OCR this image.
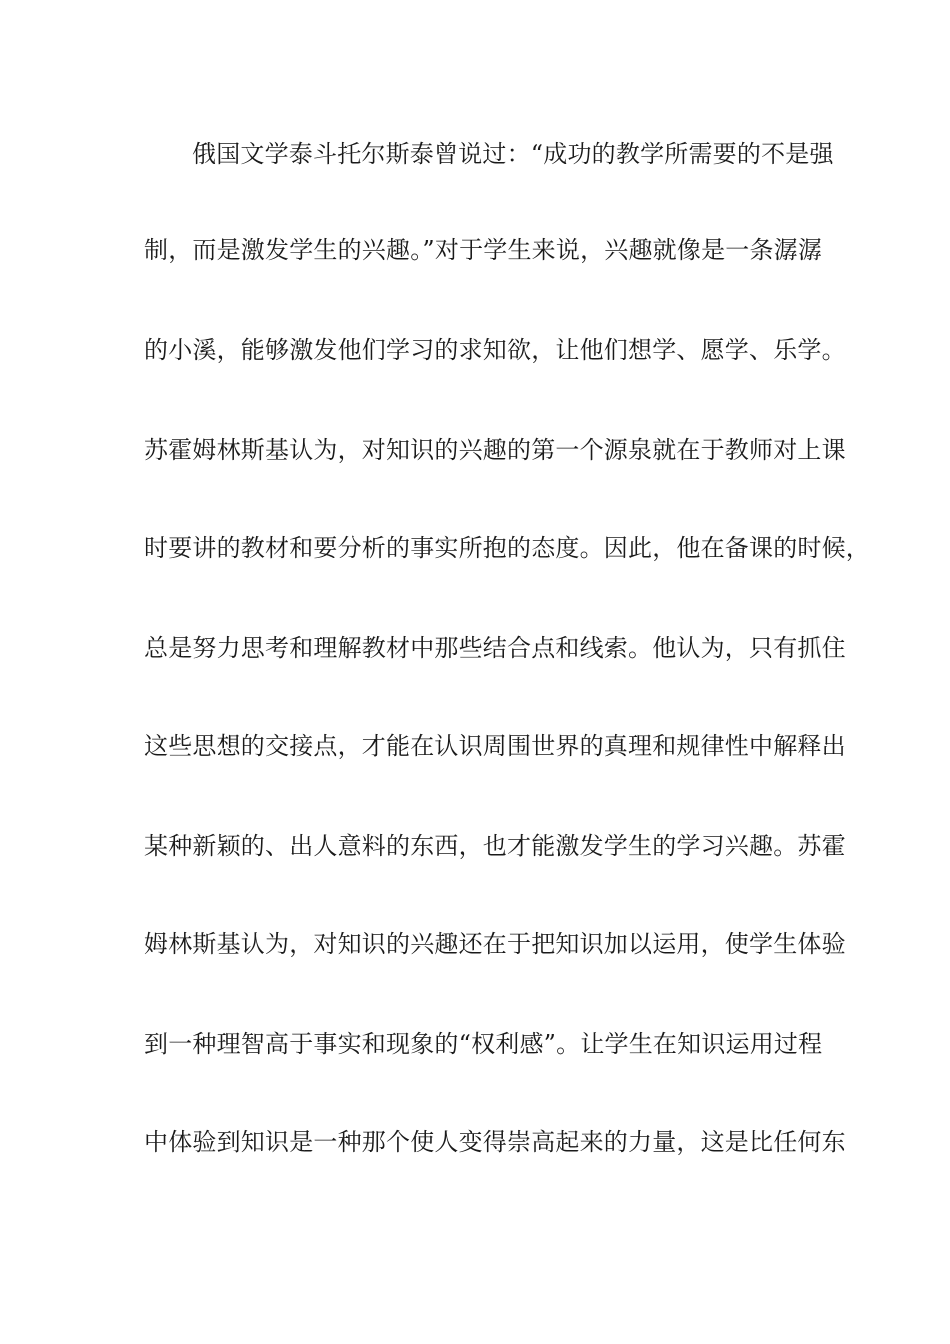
俄国文学泰斗托尔斯泰曾说过：“成功的教学所需要的不是强
制，而是激发学生的兴趣。”对于学生来说，兴趣就像是一条潺潺
的小溪，能够激发他们学习的求知欲，让他们想学、愿学、乐学。
苏霍姆林斯基认为，对知识的兴趣的第一个源泉就在于教师对上课
时要讲的教材和要分析的事实所抱的态度。因此，他在备课的时候，
总是努力思考和理解教材中那些结合点和线索。他认为，只有抓住
这些思想的交接点，才能在认识周围世界的真理和规律性中解释出
某种新颖的、出人意料的东西，也才能激发学生的学习兴趣。苏霍
姆林斯基认为，对知识的兴趣还在于把知识加以运用，使学生体验
到一种理智高于事实和现象的“权利感”。让学生在知识运用过程
中体验到知识是一种那个使人变得崇高起来的力量，这是比任何东
